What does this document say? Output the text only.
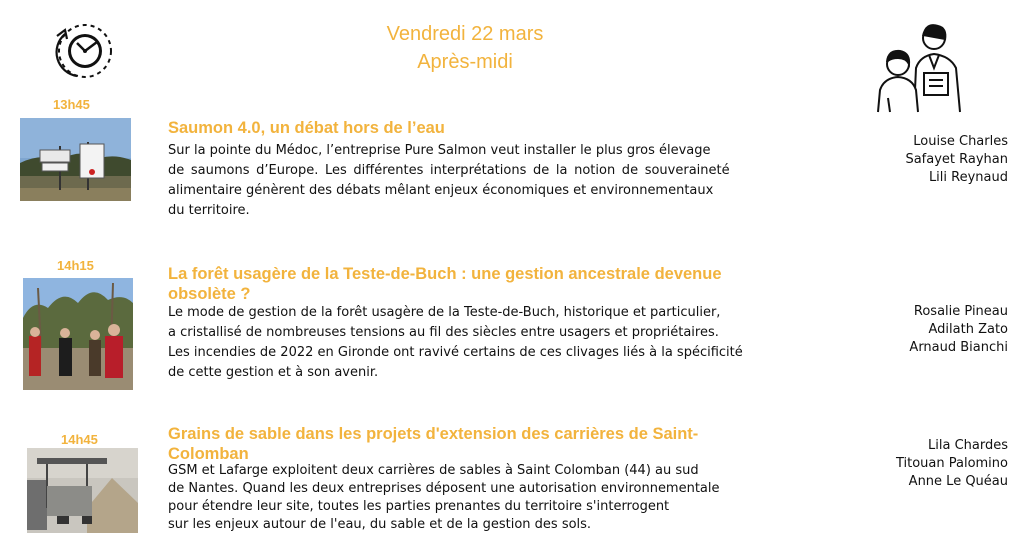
Vendredi 22 mars
Après-midi
13h45
Saumon 4.0, un débat hors de l’eau
Sur la pointe du Médoc, l’entreprise Pure Salmon veut installer le plus gros élevage
de saumons d’Europe. Les différentes interprétations de la notion de souveraineté
alimentaire génèrent des débats mêlant enjeux économiques et environnementaux
du territoire.
Louise Charles
Safayet Rayhan
Lili Reynaud
14h15	La forêt usagère de la Teste-de-Buch : une gestion ancestrale devenue obsolète ?
Le mode de gestion de la forêt usagère de la Teste-de-Buch, historique et particulier,
a cristallisé de nombreuses tensions au fil des siècles entre usagers et propriétaires.
Les incendies de 2022 en Gironde ont ravivé certains de ces clivages liés à la spécificité
de cette gestion et à son avenir.
Rosalie Pineau
Adilath Zato
Arnaud Bianchi
14h45	Grains de sable dans les projets d'extension des carrières de Saint-Colomban
GSM et Lafarge exploitent deux carrières de sables à Saint Colomban (44) au sud
de Nantes. Quand les deux entreprises déposent une autorisation environnementale
pour étendre leur site, toutes les parties prenantes du territoire s'interrogent
sur les enjeux autour de l'eau, du sable et de la gestion des sols.
Lila Chardes
Titouan Palomino
Anne Le Quéau
